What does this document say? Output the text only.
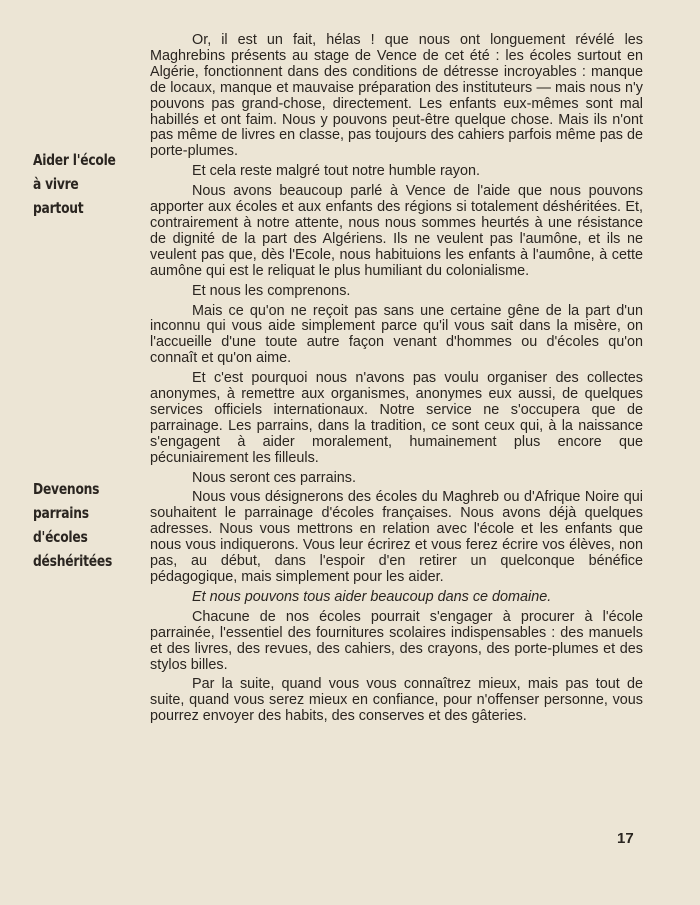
Aider l'école
à vivre
partout
Devenons
parrains
d'écoles
déshéritées

Or, il est un fait, hélas ! que nous ont longuement révélé les Maghrebins présents au stage de Vence de cet été : les écoles surtout en Algérie, fonctionnent dans des conditions de détresse incroyables : manque de locaux, manque et mauvaise préparation des instituteurs — mais nous n'y pouvons pas grand-chose, directement. Les enfants eux-mêmes sont mal habillés et ont faim. Nous y pouvons peut-être quelque chose. Mais ils n'ont pas même de livres en classe, pas toujours des cahiers parfois même pas de porte-plumes.

Et cela reste malgré tout notre humble rayon.

Nous avons beaucoup parlé à Vence de l'aide que nous pouvons apporter aux écoles et aux enfants des régions si totalement déshéritées. Et, contrairement à notre attente, nous nous sommes heurtés à une résistance de dignité de la part des Algériens. Ils ne veulent pas l'aumône, et ils ne veulent pas que, dès l'Ecole, nous habituions les enfants à l'aumône, à cette aumône qui est le reliquat le plus humiliant du colonialisme.

Et nous les comprenons.

Mais ce qu'on ne reçoit pas sans une certaine gêne de la part d'un inconnu qui vous aide simplement parce qu'il vous sait dans la misère, on l'accueille d'une toute autre façon venant d'hommes ou d'écoles qu'on connaît et qu'on aime.

Et c'est pourquoi nous n'avons pas voulu organiser des collectes anonymes, à remettre aux organismes, anonymes eux aussi, de quelques services officiels internationaux. Notre service ne s'occupera que de parrainage. Les parrains, dans la tradition, ce sont ceux qui, à la naissance s'engagent à aider moralement, humainement plus encore que pécuniairement les filleuls.

Nous seront ces parrains.

Nous vous désignerons des écoles du Maghreb ou d'Afrique Noire qui souhaitent le parrainage d'écoles françaises. Nous avons déjà quelques adresses. Nous vous mettrons en relation avec l'école et les enfants que nous vous indiquerons. Vous leur écrirez et vous ferez écrire vos élèves, non pas, au début, dans l'espoir d'en retirer un quelconque bénéfice pédagogique, mais simplement pour les aider.

Et nous pouvons tous aider beaucoup dans ce domaine.

Chacune de nos écoles pourrait s'engager à procurer à l'école parrainée, l'essentiel des fournitures scolaires indispensables : des manuels et des livres, des revues, des cahiers, des crayons, des porte-plumes et des stylos billes.

Par la suite, quand vous vous connaîtrez mieux, mais pas tout de suite, quand vous serez mieux en confiance, pour n'offenser personne, vous pourrez envoyer des habits, des conserves et des gâteries.

17
